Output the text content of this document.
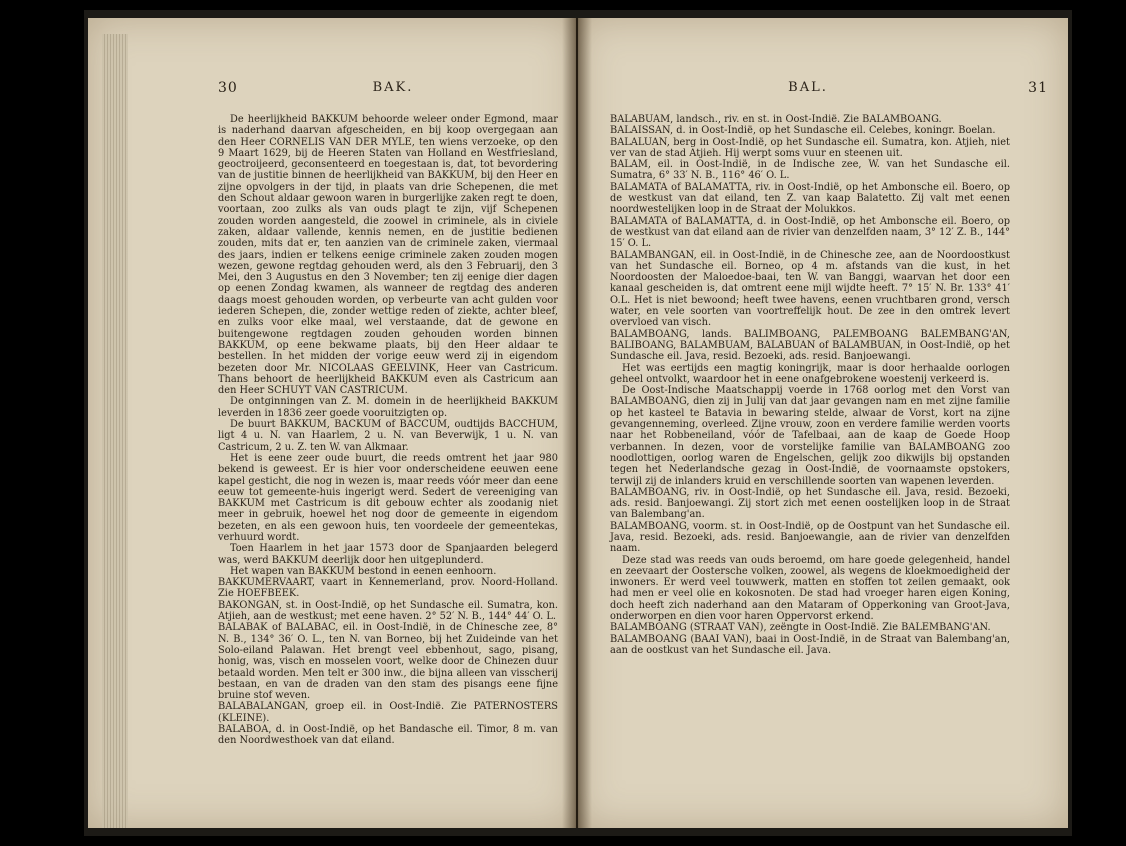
30	BAK.

De heerlijkheid BAKKUM behoorde weleer onder Egmond, maar is naderhand daarvan afgescheiden, en bij koop overgegaan aan den Heer CORNELIS VAN DER MYLE, ten wiens verzoeke, op den 9 Maart 1629, bij de Heeren Staten van Holland en Westfriesland, geoctroijeerd, geconsenteerd en toegestaan is, dat, tot bevordering van de justitie binnen de heerlijkheid van BAKKUM, bij den Heer en zijne opvolgers in der tijd, in plaats van drie Schepenen, die met den Schout aldaar gewoon waren in burgerlijke zaken regt te doen, voortaan, zoo zulks als van ouds plagt te zijn, vijf Schepenen zouden worden aangesteld, die zoowel in criminele, als in civiele zaken, aldaar vallende, kennis nemen, en de justitie bedienen zouden, mits dat er, ten aanzien van de criminele zaken, viermaal des jaars, indien er telkens eenige criminele zaken zouden mogen wezen, gewone regtdag gehouden werd, als den 3 Februarij, den 3 Mei, den 3 Augustus en den 3 November; ten zij eenige dier dagen op eenen Zondag kwamen, als wanneer de regtdag des anderen daags moest gehouden worden, op verbeurte van acht gulden voor iederen Schepen, die, zonder wettige reden of ziekte, achter bleef, en zulks voor elke maal, wel verstaande, dat de gewone en buitengewone regtdagen zouden gehouden worden binnen BAKKUM, op eene bekwame plaats, bij den Heer aldaar te bestellen. In het midden der vorige eeuw werd zij in eigendom bezeten door Mr. NICOLAAS GEELVINK, Heer van Castricum. Thans behoort de heerlijkheid BAKKUM even als Castricum aan den Heer SCHUYT VAN CASTRICUM.

De ontginningen van Z. M. domein in de heerlijkheid BAKKUM leverden in 1836 zeer goede vooruitzigten op.

De buurt BAKKUM, BACKUM of BACCUM, oudtijds BACCHUM, ligt 4 u. N. van Haarlem, 2 u. N. van Beverwijk, 1 u. N. van Castricum, 2 u. Z. ten W. van Alkmaar.

Het is eene zeer oude buurt, die reeds omtrent het jaar 980 bekend is geweest. Er is hier voor onderscheidene eeuwen eene kapel gesticht, die nog in wezen is, maar reeds vóór meer dan eene eeuw tot gemeente-huis ingerigt werd. Sedert de vereeniging van BAKKUM met Castricum is dit gebouw echter als zoodanig niet meer in gebruik, hoewel het nog door de gemeente in eigendom bezeten, en als een gewoon huis, ten voordeele der gemeentekas, verhuurd wordt.

Toen Haarlem in het jaar 1573 door de Spanjaarden belegerd was, werd BAKKUM deerlijk door hen uitgeplunderd.

Het wapen van BAKKUM bestond in eenen eenhoorn.

BAKKUMERVAART, vaart in Kennemerland, prov. Noord-Holland. Zie HOEFBEEK.

BAKONGAN, st. in Oost-Indië, op het Sundasche eil. Sumatra, kon. Atjieh, aan de westkust; met eene haven. 2° 52′ N. B., 144° 44′ O. L.

BALABAK of BALABAC, eil. in Oost-Indië, in de Chinesche zee, 8° N. B., 134° 36′ O. L., ten N. van Borneo, bij het Zuideinde van het Solo-eiland Palawan. Het brengt veel ebbenhout, sago, pisang, honig, was, visch en mosselen voort, welke door de Chinezen duur betaald worden. Men telt er 300 inw., die bijna alleen van visscherij bestaan, en van de draden van den stam des pisangs eene fijne bruine stof weven.

BALABALANGAN, groep eil. in Oost-Indië. Zie PATERNOSTERS (KLEINE).

BALABOA, d. in Oost-Indië, op het Bandasche eil. Timor, 8 m. van den Noordwesthoek van dat eiland.

BAL.	31

BALABUAM, landsch., riv. en st. in Oost-Indië. Zie BALAMBOANG.

BALAISSAN, d. in Oost-Indië, op het Sundasche eil. Celebes, koningr. Boelan.

BALALUAN, berg in Oost-Indië, op het Sundasche eil. Sumatra, kon. Atjieh, niet ver van de stad Atjieh. Hij werpt soms vuur en steenen uit.

BALAM, eil. in Oost-Indië, in de Indische zee, W. van het Sundasche eil. Sumatra, 6° 33′ N. B., 116° 46′ O. L.

BALAMATA of BALAMATTA, riv. in Oost-Indië, op het Ambonsche eil. Boero, op de westkust van dat eiland, ten Z. van kaap Balatetto. Zij valt met eenen noordwestelijken loop in de Straat der Molukkos.

BALAMATA of BALAMATTA, d. in Oost-Indië, op het Ambonsche eil. Boero, op de westkust van dat eiland aan de rivier van denzelfden naam, 3° 12′ Z. B., 144° 15′ O. L.

BALAMBANGAN, eil. in Oost-Indië, in de Chinesche zee, aan de Noordoostkust van het Sundasche eil. Borneo, op 4 m. afstands van die kust, in het Noordoosten der Maloedoe-baai, ten W. van Banggi, waarvan het door een kanaal gescheiden is, dat omtrent eene mijl wijdte heeft. 7° 15′ N. Br. 133° 41′ O.L. Het is niet bewoond; heeft twee havens, eenen vruchtbaren grond, versch water, en vele soorten van voortreffelijk hout. De zee in den omtrek levert overvloed van visch.

BALAMBOANG, lands. BALIMBOANG, PALEMBOANG BALEMBANG'AN, BALIBOANG, BALAMBUAM, BALABUAN of BALAMBUAN, in Oost-Indië, op het Sundasche eil. Java, resid. Bezoeki, ads. resid. Banjoewangi.

Het was eertijds een magtig koningrijk, maar is door herhaalde oorlogen geheel ontvolkt, waardoor het in eene onafgebrokene woestenij verkeerd is.

De Oost-Indische Maatschappij voerde in 1768 oorlog met den Vorst van BALAMBOANG, dien zij in Julij van dat jaar gevangen nam en met zijne familie op het kasteel te Batavia in bewaring stelde, alwaar de Vorst, kort na zijne gevangenneming, overleed. Zijne vrouw, zoon en verdere familie werden voorts naar het Robbeneiland, vóór de Tafelbaai, aan de kaap de Goede Hoop verbannen. In dezen, voor de vorstelijke familie van BALAMBOANG zoo noodlottigen, oorlog waren de Engelschen, gelijk zoo dikwijls bij opstanden tegen het Nederlandsche gezag in Oost-Indië, de voornaamste opstokers, terwijl zij de inlanders kruid en verschillende soorten van wapenen leverden.

BALAMBOANG, riv. in Oost-Indië, op het Sundasche eil. Java, resid. Bezoeki, ads. resid. Banjoewangi. Zij stort zich met eenen oostelijken loop in de Straat van Balembang'an.

BALAMBOANG, voorm. st. in Oost-Indië, op de Oostpunt van het Sundasche eil. Java, resid. Bezoeki, ads. resid. Banjoewangie, aan de rivier van denzelfden naam.

Deze stad was reeds van ouds beroemd, om hare goede gelegenheid, handel en zeevaart der Oostersche volken, zoowel, als wegens de kloekmoedigheid der inwoners. Er werd veel touwwerk, matten en stoffen tot zeilen gemaakt, ook had men er veel olie en kokosnoten. De stad had vroeger haren eigen Koning, doch heeft zich naderhand aan den Mataram of Opperkoning van Groot-Java, onderworpen en dien voor haren Oppervorst erkend.

BALAMBOANG (STRAAT VAN), zeëngte in Oost-Indië. Zie BALEMBANG'AN.

BALAMBOANG (BAAI VAN), baai in Oost-Indië, in de Straat van Balembang'an, aan de oostkust van het Sundasche eil. Java.
